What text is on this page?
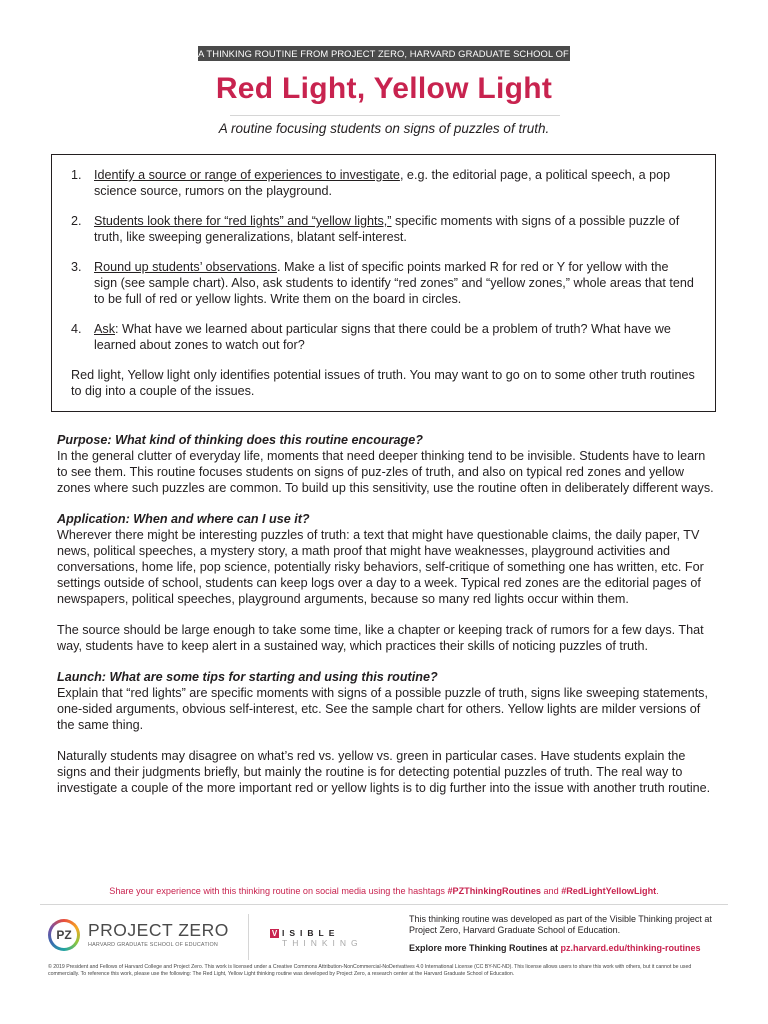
A THINKING ROUTINE FROM PROJECT ZERO, HARVARD GRADUATE SCHOOL OF EDUCATION
Red Light, Yellow Light
A routine focusing students on signs of puzzles of truth.
1. Identify a source or range of experiences to investigate, e.g. the editorial page, a political speech, a pop science source, rumors on the playground.
2. Students look there for “red lights” and “yellow lights,” specific moments with signs of a possible puzzle of truth, like sweeping generalizations, blatant self-interest.
3. Round up students’ observations. Make a list of specific points marked R for red or Y for yellow with the sign (see sample chart). Also, ask students to identify “red zones” and “yellow zones,” whole areas that tend to be full of red or yellow lights. Write them on the board in circles.
4. Ask: What have we learned about particular signs that there could be a problem of truth? What have we learned about zones to watch out for?
Red light, Yellow light only identifies potential issues of truth. You may want to go on to some other truth routines to dig into a couple of the issues.

Purpose: What kind of thinking does this routine encourage?
In the general clutter of everyday life, moments that need deeper thinking tend to be invisible. Students have to learn to see them. This routine focuses students on signs of puz-zles of truth, and also on typical red zones and yellow zones where such puzzles are common. To build up this sensitivity, use the routine often in deliberately different ways.

Application: When and where can I use it?
Wherever there might be interesting puzzles of truth: a text that might have questionable claims, the daily paper, TV news, political speeches, a mystery story, a math proof that might have weaknesses, playground activities and conversations, home life, pop science, potentially risky behaviors, self-critique of something one has written, etc. For settings outside of school, students can keep logs over a day to a week. Typical red zones are the editorial pages of newspapers, political speeches, playground arguments, because so many red lights occur within them.

The source should be large enough to take some time, like a chapter or keeping track of rumors for a few days. That way, students have to keep alert in a sustained way, which practices their skills of noticing puzzles of truth.

Launch: What are some tips for starting and using this routine?
Explain that “red lights” are specific moments with signs of a possible puzzle of truth, signs like sweeping statements, one-sided arguments, obvious self-interest, etc. See the sample chart for others. Yellow lights are milder versions of the same thing.

Naturally students may disagree on what’s red vs. yellow vs. green in particular cases. Have students explain the signs and their judgments briefly, but mainly the routine is for detecting potential puzzles of truth. The real way to investigate a couple of the more important red or yellow lights is to dig further into the issue with another truth routine.

Share your experience with this thinking routine on social media using the hashtags #PZThinkingRoutines and #RedLightYellowLight.
PZ PROJECT ZERO
HARVARD GRADUATE SCHOOL OF EDUCATION
V ISIBLE
THINKING
This thinking routine was developed as part of the Visible Thinking project at Project Zero, Harvard Graduate School of Education.
Explore more Thinking Routines at pz.harvard.edu/thinking-routines
© 2019 President and Fellows of Harvard College and Project Zero. This work is licensed under a Creative Commons Attribution-NonCommercial-NoDerivatives 4.0 International License (CC BY-NC-ND). This license allows users to share this work with others, but it cannot be used commercially. To reference this work, please use the following: The Red Light, Yellow Light thinking routine was developed by Project Zero, a research center at the Harvard Graduate School of Education.
